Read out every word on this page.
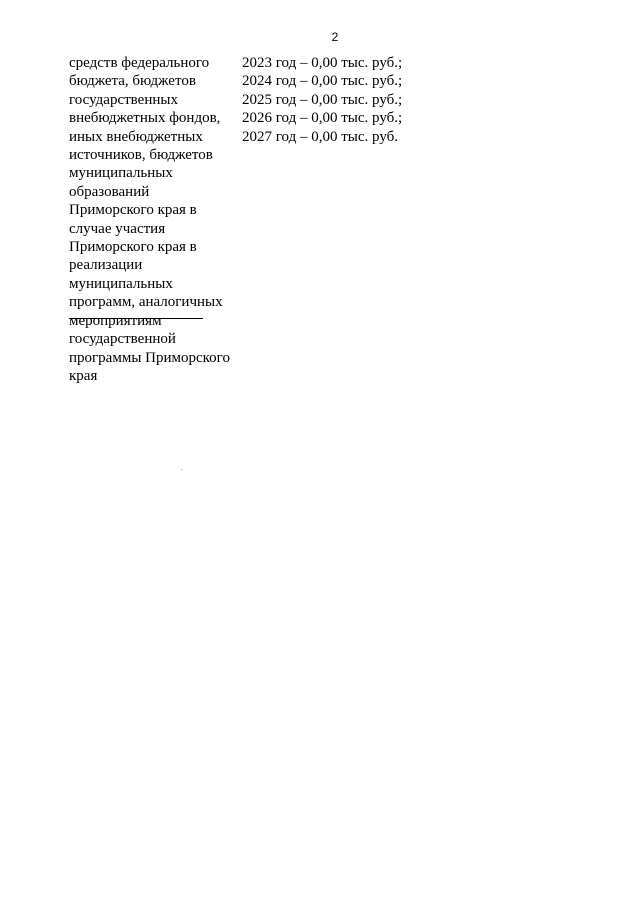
2
средств федерального
бюджета, бюджетов
государственных
внебюджетных фондов,
иных внебюджетных
источников, бюджетов
муниципальных
образований
Приморского края в
случае участия
Приморского края в
реализации
муниципальных
программ, аналогичных
мероприятиям
государственной
программы Приморского
края
2023 год – 0,00 тыс. руб.;
2024 год – 0,00 тыс. руб.;
2025 год – 0,00 тыс. руб.;
2026 год – 0,00 тыс. руб.;
2027 год – 0,00 тыс. руб.
